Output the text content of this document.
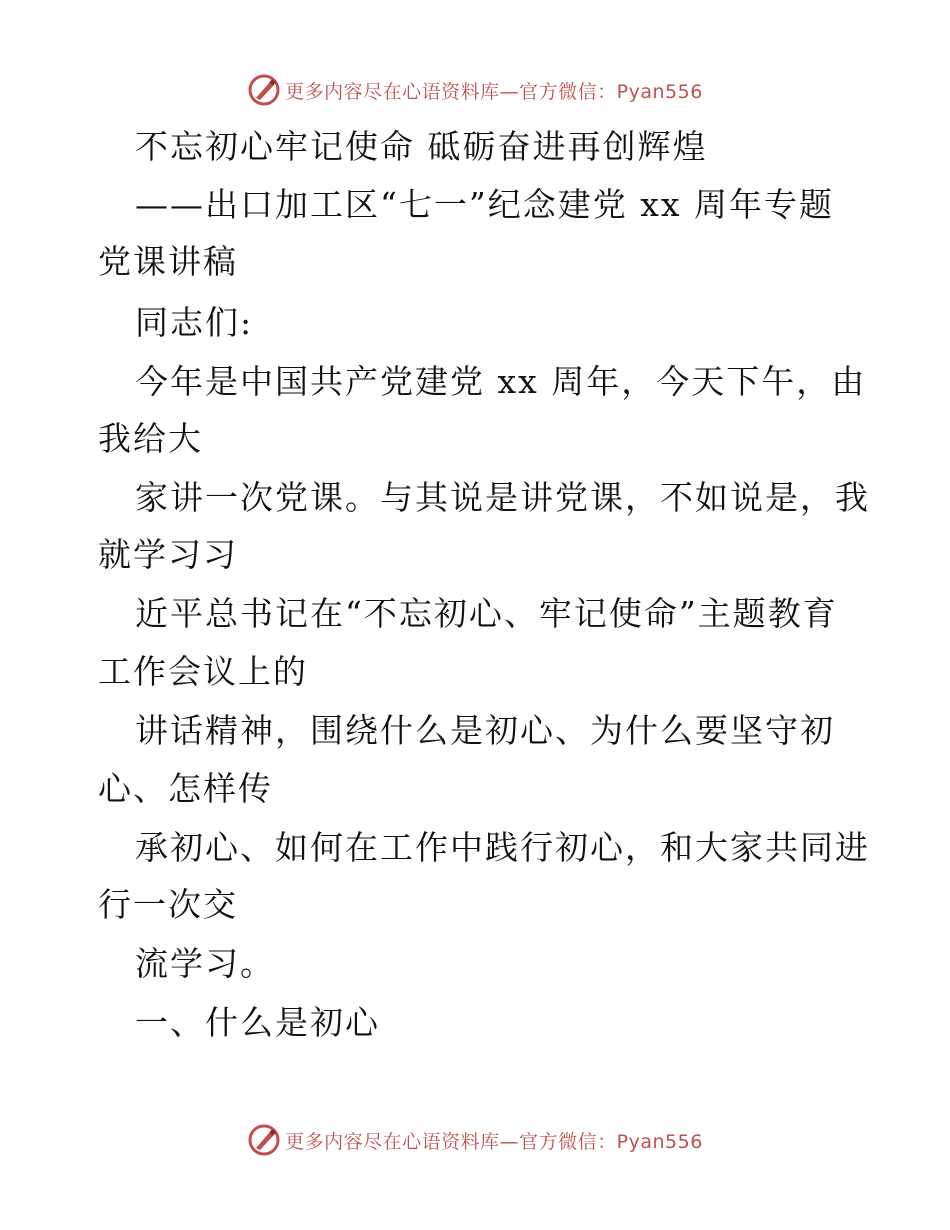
更多内容尽在心语资料库—官方微信：Pyan556
不忘初心牢记使命 砥砺奋进再创辉煌
——出口加工区“七一”纪念建党 xx 周年专题
党课讲稿
同志们:
今年是中国共产党建党 xx 周年，今天下午，由
我给大
家讲一次党课。与其说是讲党课，不如说是，我
就学习习
近平总书记在“不忘初心、牢记使命”主题教育
工作会议上的
讲话精神，围绕什么是初心、为什么要坚守初
心、怎样传
承初心、如何在工作中践行初心，和大家共同进
行一次交
流学习。
一、什么是初心
更多内容尽在心语资料库—官方微信：Pyan556
